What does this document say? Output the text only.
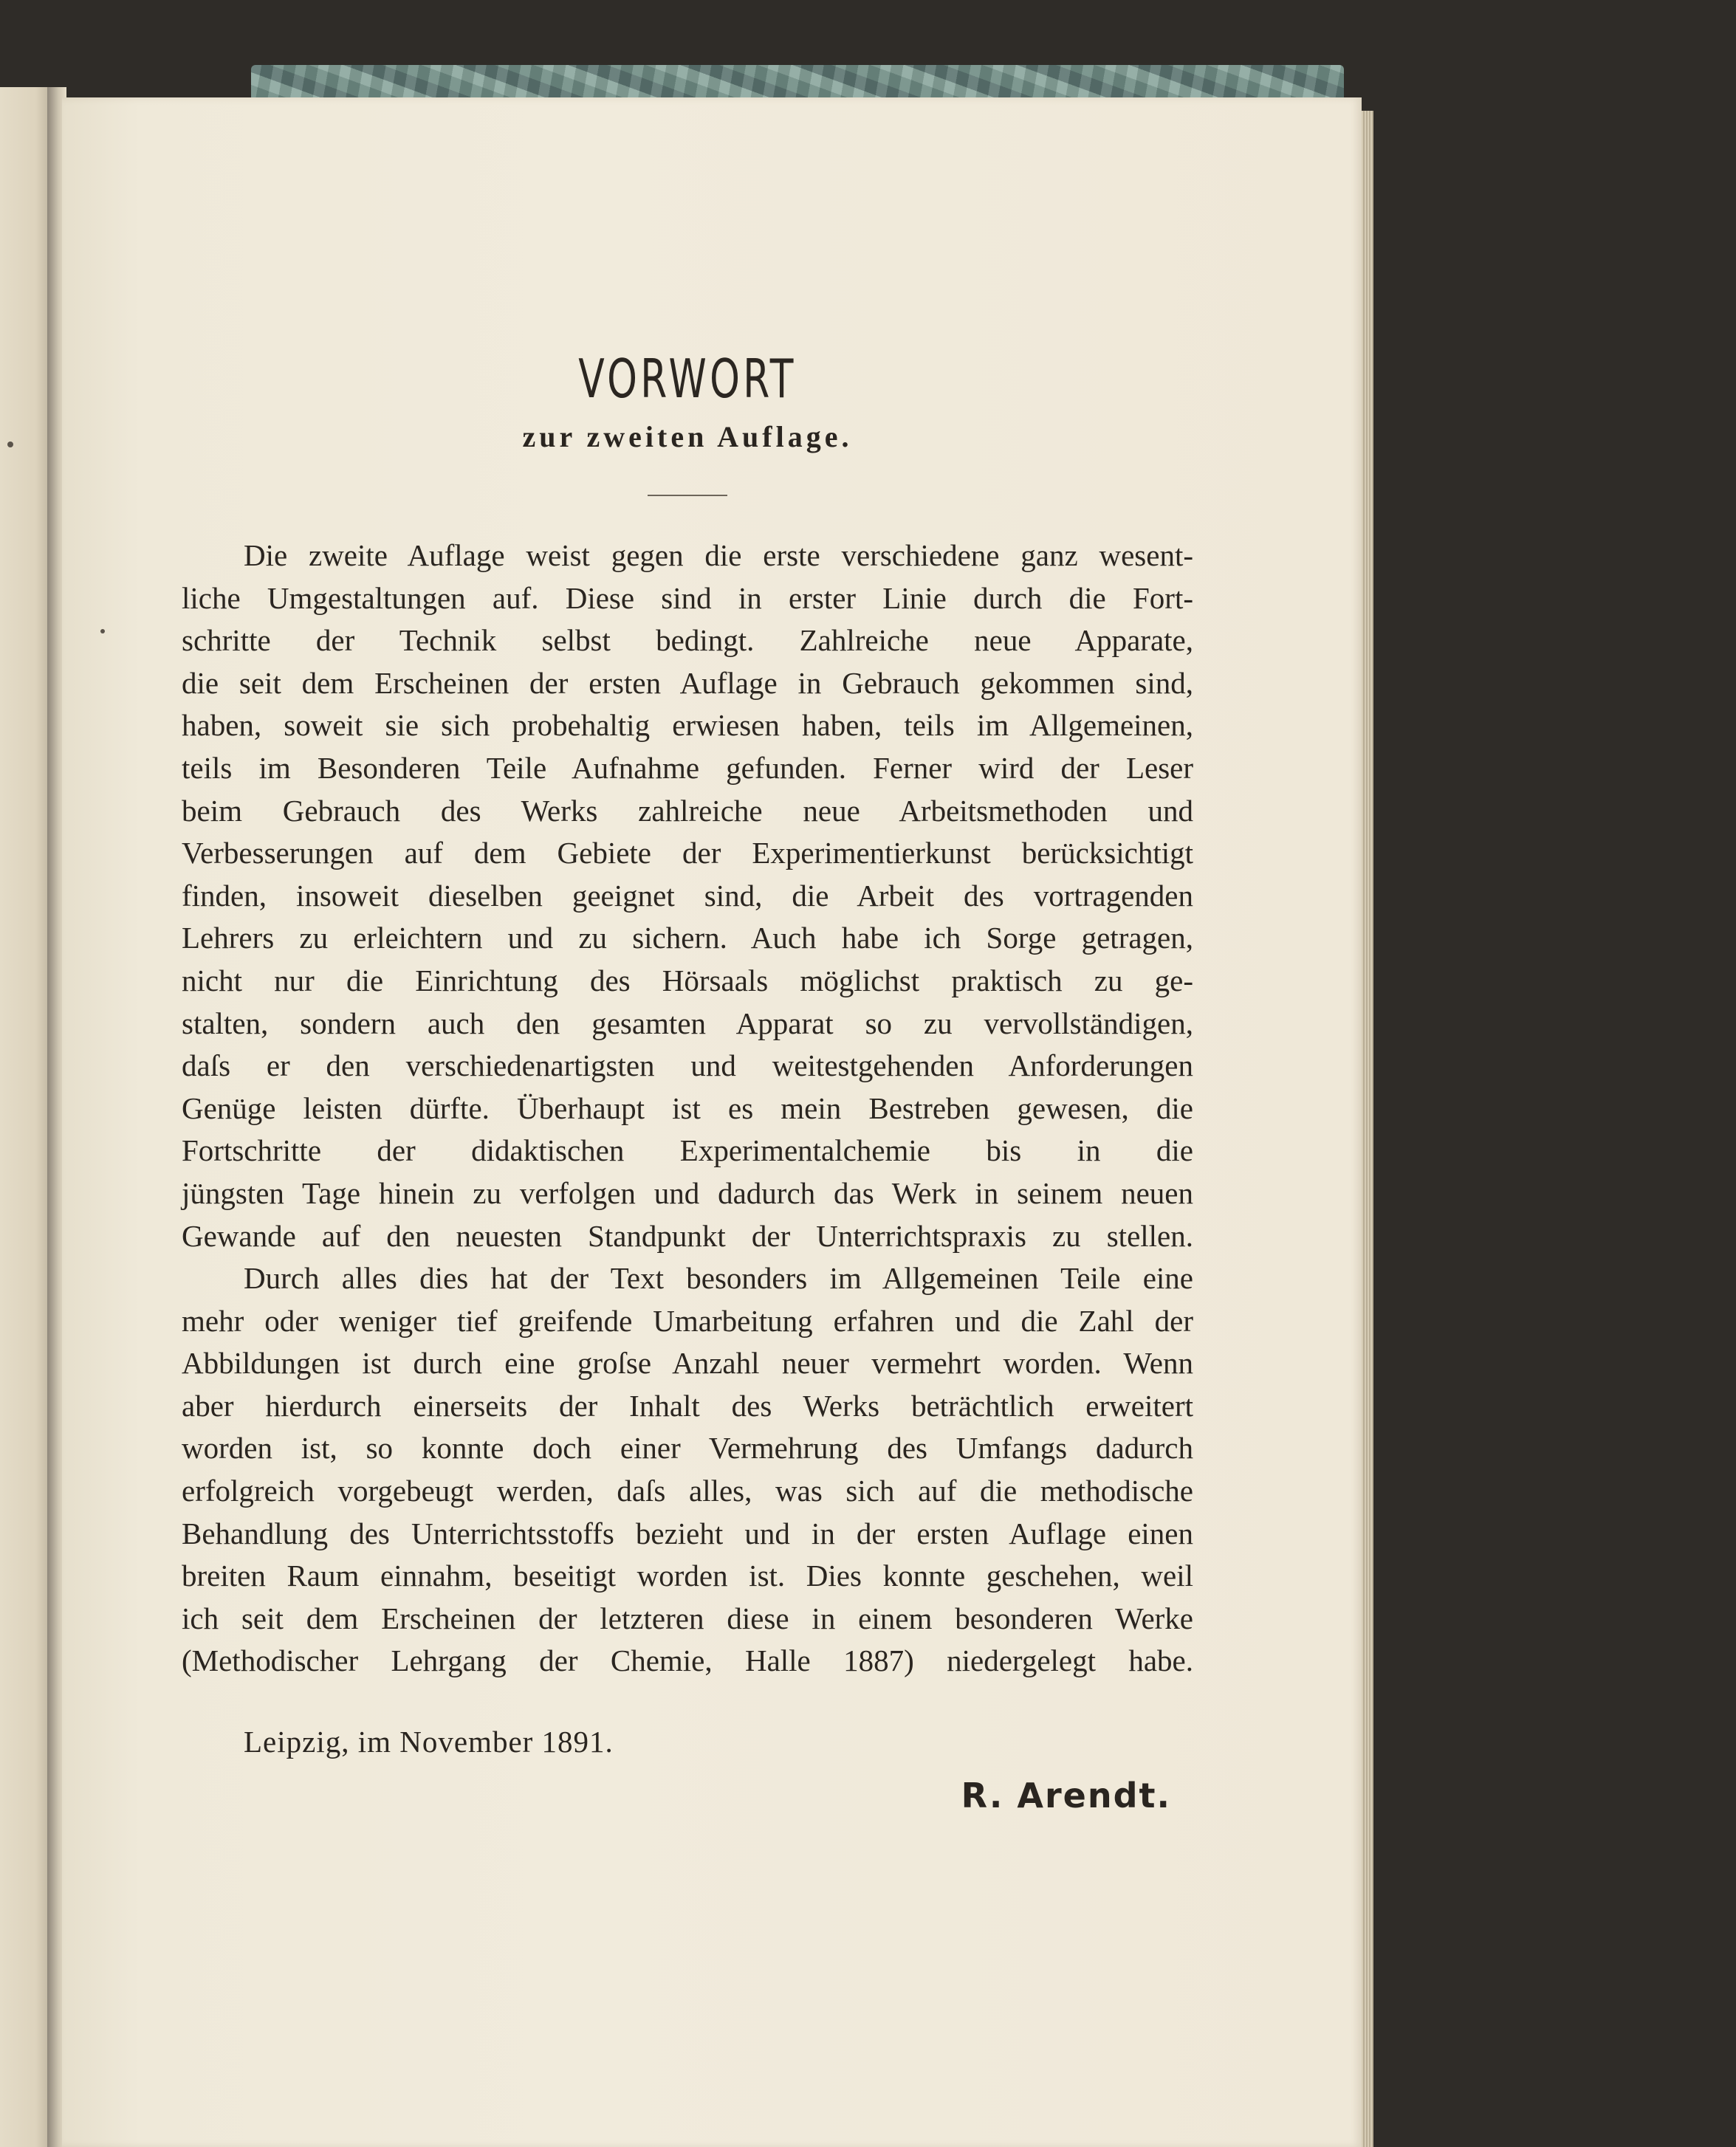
VORWORT
zur zweiten Auflage.
Die zweite Auflage weist gegen die erste verschiedene ganz wesent-
liche Umgestaltungen auf. Diese sind in erster Linie durch die Fort-
schritte der Technik selbst bedingt. Zahlreiche neue Apparate,
die seit dem Erscheinen der ersten Auflage in Gebrauch gekommen sind,
haben, soweit sie sich probehaltig erwiesen haben, teils im Allgemeinen,
teils im Besonderen Teile Aufnahme gefunden. Ferner wird der Leser
beim Gebrauch des Werks zahlreiche neue Arbeitsmethoden und
Verbesserungen auf dem Gebiete der Experimentierkunst berücksichtigt
finden, insoweit dieselben geeignet sind, die Arbeit des vortragenden
Lehrers zu erleichtern und zu sichern. Auch habe ich Sorge getragen,
nicht nur die Einrichtung des Hörsaals möglichst praktisch zu ge-
stalten, sondern auch den gesamten Apparat so zu vervollständigen,
daſs er den verschiedenartigsten und weitestgehenden Anforderungen
Genüge leisten dürfte. Überhaupt ist es mein Bestreben gewesen, die
Fortschritte der didaktischen Experimentalchemie bis in die
jüngsten Tage hinein zu verfolgen und dadurch das Werk in seinem neuen
Gewande auf den neuesten Standpunkt der Unterrichtspraxis zu stellen.
Durch alles dies hat der Text besonders im Allgemeinen Teile eine
mehr oder weniger tief greifende Umarbeitung erfahren und die Zahl der
Abbildungen ist durch eine groſse Anzahl neuer vermehrt worden. Wenn
aber hierdurch einerseits der Inhalt des Werks beträchtlich erweitert
worden ist, so konnte doch einer Vermehrung des Umfangs dadurch
erfolgreich vorgebeugt werden, daſs alles, was sich auf die methodische
Behandlung des Unterrichtsstoffs bezieht und in der ersten Auflage einen
breiten Raum einnahm, beseitigt worden ist. Dies konnte geschehen, weil
ich seit dem Erscheinen der letzteren diese in einem besonderen Werke
(Methodischer Lehrgang der Chemie, Halle 1887) niedergelegt habe.
Leipzig, im November 1891.
R. Arendt.
